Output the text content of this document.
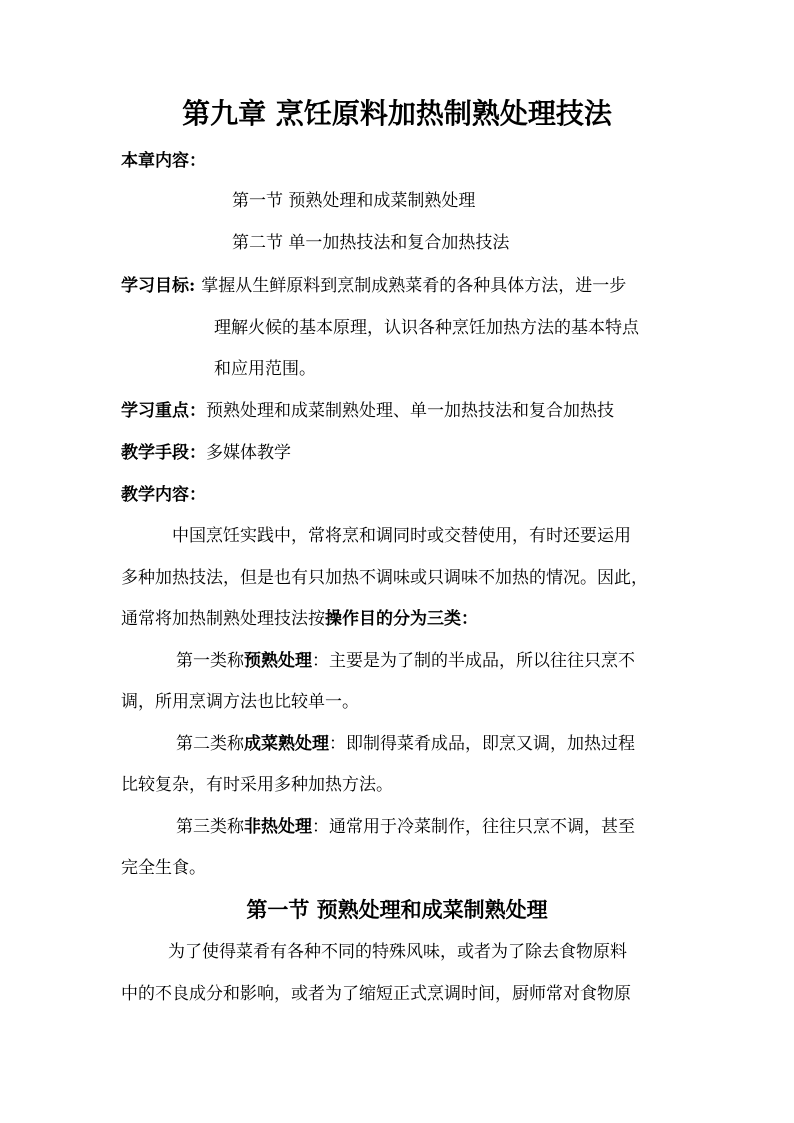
第九章 烹饪原料加热制熟处理技法
本章内容：
第一节 预熟处理和成菜制熟处理
第二节 单一加热技法和复合加热技法
学习目标: 掌握从生鲜原料到烹制成熟菜肴的各种具体方法，进一步
理解火候的基本原理，认识各种烹饪加热方法的基本特点
和应用范围。
学习重点：预熟处理和成菜制熟处理、单一加热技法和复合加热技
教学手段：多媒体教学
教学内容：
中国烹饪实践中，常将烹和调同时或交替使用，有时还要运用
多种加热技法，但是也有只加热不调味或只调味不加热的情况。因此，
通常将加热制熟处理技法按操作目的分为三类：
第一类称预熟处理：主要是为了制的半成品，所以往往只烹不
调，所用烹调方法也比较单一。
第二类称成菜熟处理：即制得菜肴成品，即烹又调，加热过程
比较复杂，有时采用多种加热方法。
第三类称非热处理：通常用于冷菜制作，往往只烹不调，甚至
完全生食。
第一节 预熟处理和成菜制熟处理
为了使得菜肴有各种不同的特殊风味，或者为了除去食物原料
中的不良成分和影响，或者为了缩短正式烹调时间，厨师常对食物原
